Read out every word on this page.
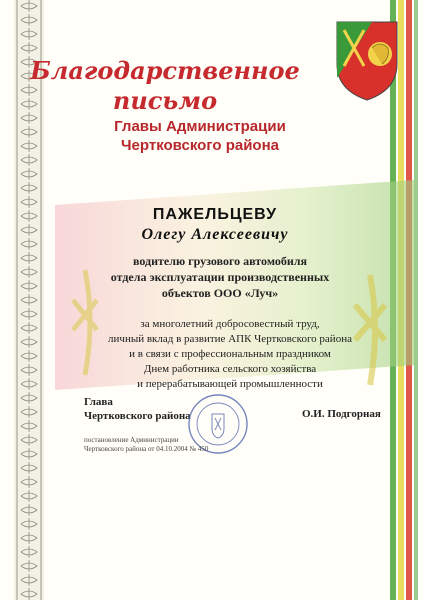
Благодарственное
письмо
Главы Администрации
Чертковского района
ПАЖЕЛЬЦЕВУ
Олегу Алексеевичу
водителю грузового автомобиля
отдела эксплуатации производственных
объектов ООО «Луч»
за многолетний добросовестный труд,
личный вклад в развитие АПК Чертковского района
и в связи с профессиональным праздником
Днем работника сельского хозяйства
и перерабатывающей промышленности
Глава
Чертковского района	О.И. Подгорная
постановление Администрации
Чертковского района от 04.10.2004 № 450
